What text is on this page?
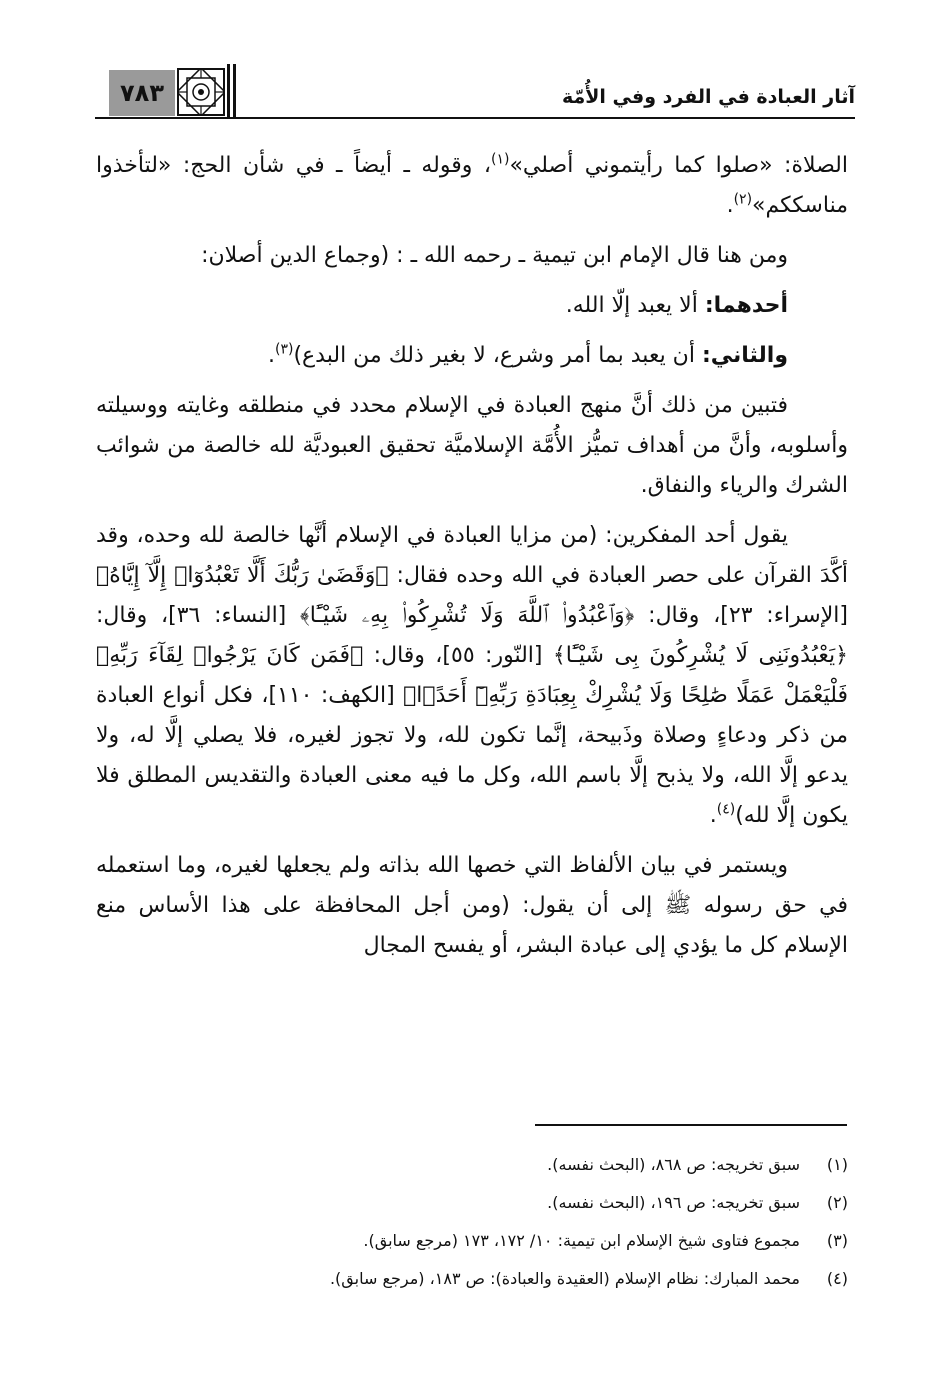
٧٨٣	آثار العبادة في الفرد وفي الأُمّة

الصلاة: «صلوا كما رأيتموني أصلي»$^{(١)}$، وقوله ـ أيضاً ـ في شأن الحج: «لتأخذوا مناسككم»$^{(٢)}$.

ومن هنا قال الإمام ابن تيمية ـ رحمه الله ـ : (وجماع الدين أصلان:

أحدهما: ألا يعبد إلّا الله.

والثاني: أن يعبد بما أمر وشرع، لا بغير ذلك من البدع)$^{(٣)}$.

فتبين من ذلك أنَّ منهج العبادة في الإسلام محدد في منطلقه وغايته ووسيلته وأسلوبه، وأنَّ من أهداف تميُّز الأُمَّة الإسلاميَّة تحقيق العبوديَّة لله خالصة من شوائب الشرك والرياء والنفاق.

يقول أحد المفكرين: (من مزايا العبادة في الإسلام أنَّها خالصة لله وحده، وقد أكَّدَ القرآن على حصر العبادة في الله وحده فقال: ﴿وَقَضَىٰ رَبُّكَ أَلَّا تَعْبُدُوٓا۟ إِلَّآ إِيَّاهُ﴾ [الإسراء: ٢٣]، وقال: ﴿وَٱعْبُدُوا۟ ٱللَّهَ وَلَا تُشْرِكُوا۟ بِهِۦ شَيْـًٔا﴾ [النساء: ٣٦]، وقال: ﴿يَعْبُدُونَنِى لَا يُشْرِكُونَ بِى شَيْـًٔا﴾ [النّور: ٥٥]، وقال: ﴿فَمَن كَانَ يَرْجُوا۟ لِقَآءَ رَبِّهِۦ فَلْيَعْمَلْ عَمَلًا صَٰلِحًا وَلَا يُشْرِكْ بِعِبَادَةِ رَبِّهِۦٓ أَحَدًۢا﴾ [الكهف: ١١٠]، فكل أنواع العبادة من ذكر ودعاءٍ وصلاة وذَبيحة، إنَّما تكون لله، ولا تجوز لغيره، فلا يصلي إلَّا له، ولا يدعو إلَّا الله، ولا يذبح إلَّا باسم الله، وكل ما فيه معنى العبادة والتقديس المطلق فلا يكون إلَّا لله)$^{(٤)}$.

ويستمر في بيان الألفاظ التي خصها الله بذاته ولم يجعلها لغيره، وما استعمله في حق رسوله ﷺ إلى أن يقول: (ومن أجل المحافظة على هذا الأساس منع الإسلام كل ما يؤدي إلى عبادة البشر، أو يفسح المجال

(١)
سبق تخريجه: ص ٨٦٨، (البحث نفسه).
(٢)
سبق تخريجه: ص ١٩٦، (البحث نفسه).
(٣)
مجموع فتاوى شيخ الإسلام ابن تيمية: ١٠/ ١٧٢، ١٧٣ (مرجع سابق).
(٤)
محمد المبارك: نظام الإسلام (العقيدة والعبادة): ص ١٨٣، (مرجع سابق).
